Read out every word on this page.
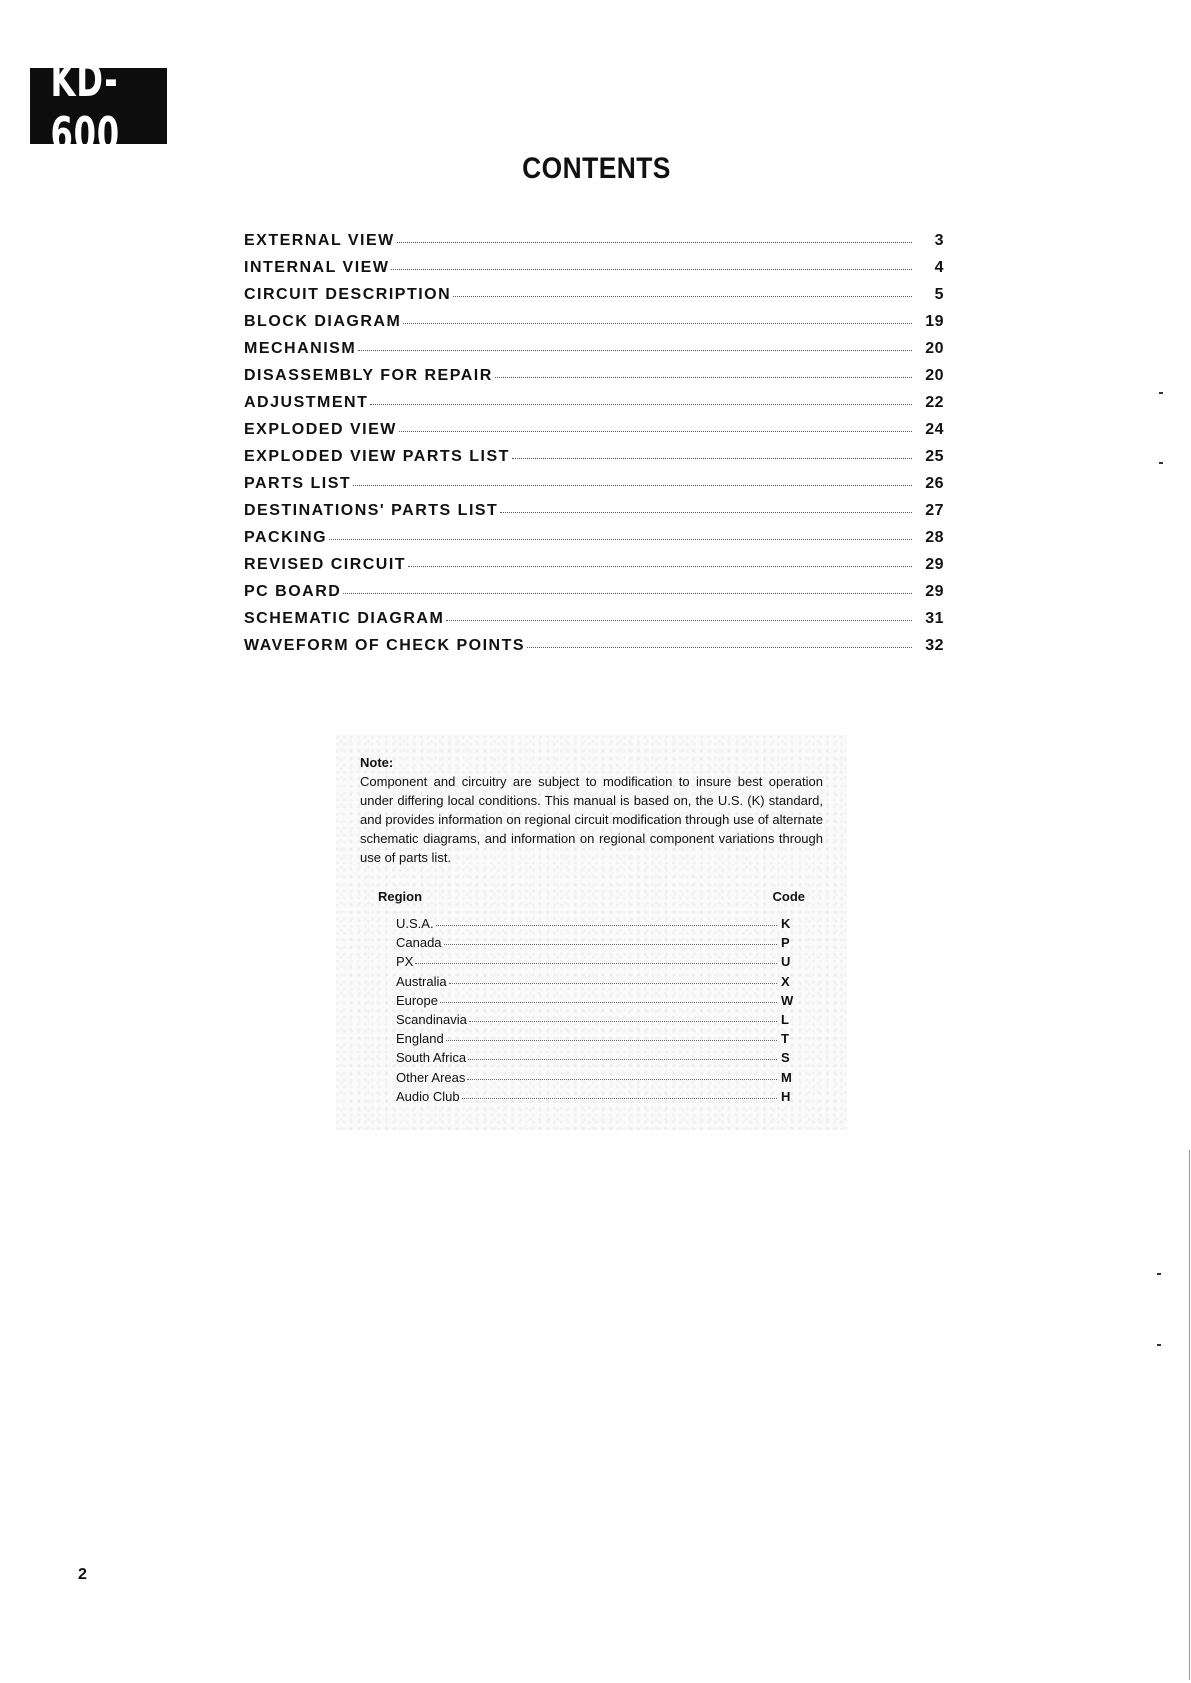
KD-600
CONTENTS
EXTERNAL VIEW	3
INTERNAL VIEW	4
CIRCUIT DESCRIPTION	5
BLOCK DIAGRAM	19
MECHANISM	20
DISASSEMBLY FOR REPAIR	20
ADJUSTMENT	22
EXPLODED VIEW	24
EXPLODED VIEW PARTS LIST	25
PARTS LIST	26
DESTINATIONS' PARTS LIST	27
PACKING	28
REVISED CIRCUIT	29
PC BOARD	29
SCHEMATIC DIAGRAM	31
WAVEFORM OF CHECK POINTS	32
Note:

Component and circuitry are subject to modification to insure best operation under differing local conditions. This manual is based on, the U.S. (K) standard, and provides information on regional circuit modification through use of alternate schematic diagrams, and information on regional component variations through use of parts list.

Region	Code
U.S.A.	K
Canada	P
PX	U
Australia	X
Europe	W
Scandinavia	L
England	T
South Africa	S
Other Areas	M
Audio Club	H
2
